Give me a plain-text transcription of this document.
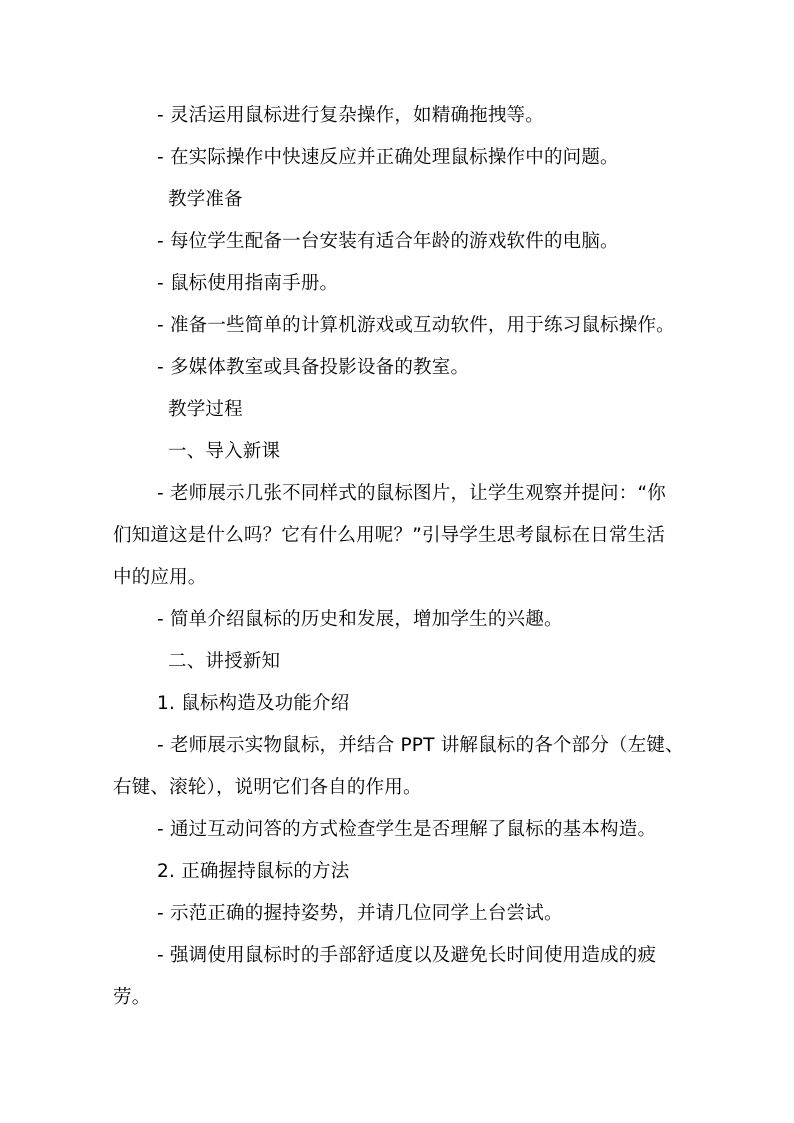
- 灵活运用鼠标进行复杂操作，如精确拖拽等。
- 在实际操作中快速反应并正确处理鼠标操作中的问题。
教学准备
- 每位学生配备一台安装有适合年龄的游戏软件的电脑。
- 鼠标使用指南手册。
- 准备一些简单的计算机游戏或互动软件，用于练习鼠标操作。
- 多媒体教室或具备投影设备的教室。
教学过程
一、导入新课
- 老师展示几张不同样式的鼠标图片，让学生观察并提问：“你
们知道这是什么吗？它有什么用呢？”引导学生思考鼠标在日常生活
中的应用。
- 简单介绍鼠标的历史和发展，增加学生的兴趣。
二、讲授新知
1. 鼠标构造及功能介绍
- 老师展示实物鼠标，并结合 PPT 讲解鼠标的各个部分（左键、
右键、滚轮），说明它们各自的作用。
- 通过互动问答的方式检查学生是否理解了鼠标的基本构造。
2. 正确握持鼠标的方法
- 示范正确的握持姿势，并请几位同学上台尝试。
- 强调使用鼠标时的手部舒适度以及避免长时间使用造成的疲
劳。
